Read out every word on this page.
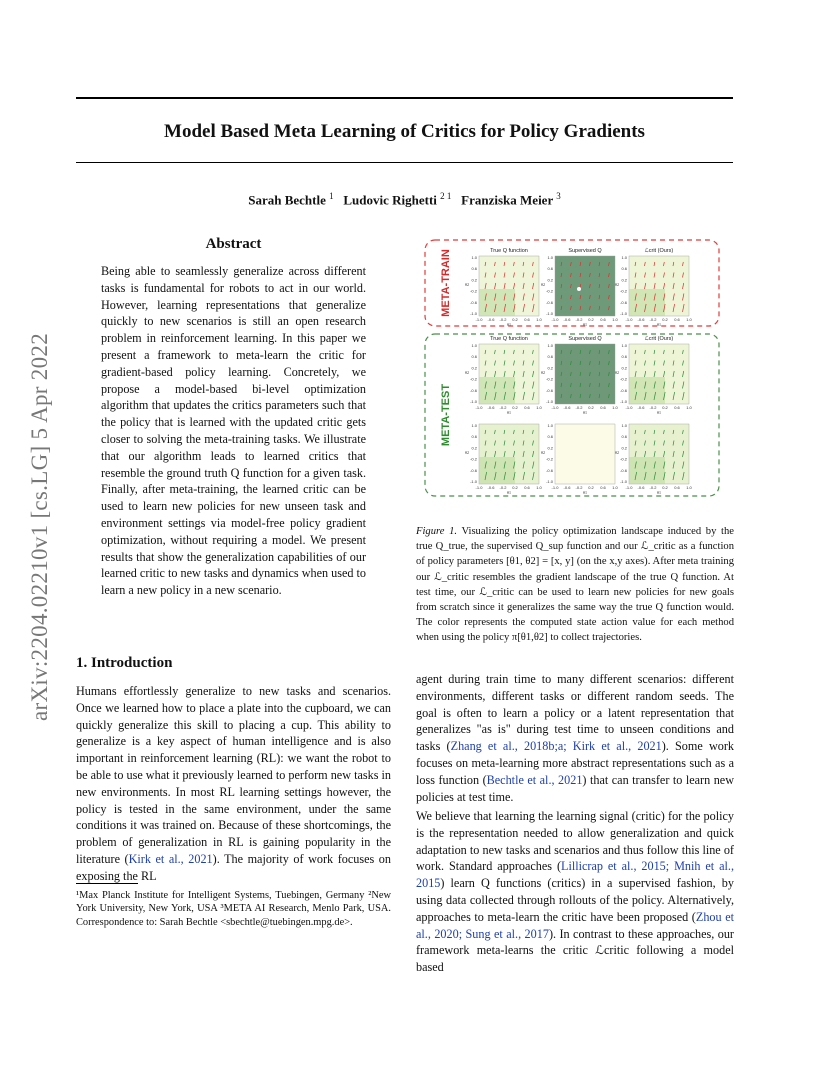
Model Based Meta Learning of Critics for Policy Gradients
Sarah Bechtle $^1$ Ludovic Righetti $^{2 1}$ Franziska Meier $^3$
arXiv:2204.02210v1 [cs.LG] 5 Apr 2022
Abstract

Being able to seamlessly generalize across different tasks is fundamental for robots to act in our world. However, learning representations that generalize quickly to new scenarios is still an open research problem in reinforcement learning. In this paper we present a framework to meta-learn the critic for gradient-based policy learning. Concretely, we propose a model-based bi-level optimization algorithm that updates the critics parameters such that the policy that is learned with the updated critic gets closer to solving the meta-training tasks. We illustrate that our algorithm leads to learned critics that resemble the ground truth Q function for a given task. Finally, after meta-training, the learned critic can be used to learn new policies for new unseen task and environment settings via model-free policy gradient optimization, without requiring a model. We present results that show the generalization capabilities of our learned critic to new tasks and dynamics when used to learn a new policy in a new scenario.

1. Introduction

Humans effortlessly generalize to new tasks and scenarios. Once we learned how to place a plate into the cupboard, we can quickly generalize this skill to placing a cup. This ability to generalize is a key aspect of human intelligence and is also important in reinforcement learning (RL): we want the robot to be able to use what it previously learned to perform new tasks in new environments. In most RL learning settings however, the policy is tested in the same environment, under the same conditions it was trained on. Because of these shortcomings, the problem of generalization in RL is gaining popularity in the literature (Kirk et al., 2021). The majority of work focuses on exposing the RL

¹Max Planck Institute for Intelligent Systems, Tuebingen, Germany ²New York University, New York, USA ³META AI Research, Menlo Park, USA. Correspondence to: Sarah Bechtle <sbechtle@tuebingen.mpg.de>.

META-TRAIN
META-TEST
True Q function
1.0
0.6
0.2
-0.2
-0.6
-1.0
-1.0 -0.6 -0.2 0.2 0.6 1.0
θ1
θ2
Supervised Q
1.0
0.6
0.2
-0.2
-0.6
-1.0
-1.0 -0.6 -0.2 0.2 0.6 1.0
θ1
θ2
ℒcrit (Ours)
1.0
0.6
0.2
-0.2
-0.6
-1.0
-1.0 -0.6 -0.2 0.2 0.6 1.0
θ1
θ2
True Q function
1.0
0.6
0.2
-0.2
-0.6
-1.0
-1.0 -0.6 -0.2 0.2 0.6 1.0
θ1
θ2
Supervised Q
1.0
0.6
0.2
-0.2
-0.6
-1.0
-1.0 -0.6 -0.2 0.2 0.6 1.0
θ1
θ2
ℒcrit (Ours)
1.0
0.6
0.2
-0.2
-0.6
-1.0
-1.0 -0.6 -0.2 0.2 0.6 1.0
θ1
θ2
1.0
0.6
0.2
-0.2
-0.6
-1.0
-1.0 -0.6 -0.2 0.2 0.6 1.0
θ1
θ2
1.0
0.6
0.2
-0.2
-0.6
-1.0
-1.0 -0.6 -0.2 0.2 0.6 1.0
θ1
θ2
1.0
0.6
0.2
-0.2
-0.6
-1.0
-1.0 -0.6 -0.2 0.2 0.6 1.0
θ1
θ2

Figure 1. Visualizing the policy optimization landscape induced by the true Q_true, the supervised Q_sup function and our ℒ_critic as a function of policy parameters [θ1, θ2] = [x, y] (on the x,y axes). After meta training our ℒ_critic resembles the gradient landscape of the true Q function. At test time, our ℒ_critic can be used to learn new policies for new goals from scratch since it generalizes the same way the true Q function would. The color represents the computed state action value for each method when using the policy π[θ1,θ2] to collect trajectories.

agent during train time to many different scenarios: different environments, different tasks or different random seeds. The goal is often to learn a policy or a latent representation that generalizes "as is" during test time to unseen conditions and tasks (Zhang et al., 2018b;a; Kirk et al., 2021). Some work focuses on meta-learning more abstract representations such as a loss function (Bechtle et al., 2021) that can transfer to learn new policies at test time.

We believe that learning the learning signal (critic) for the policy is the representation needed to allow generalization and quick adaptation to new tasks and scenarios and thus follow this line of work. Standard approaches (Lillicrap et al., 2015; Mnih et al., 2015) learn Q functions (critics) in a supervised fashion, by using data collected through rollouts of the policy. Alternatively, approaches to meta-learn the critic have been proposed (Zhou et al., 2020; Sung et al., 2017). In contrast to these approaches, our framework meta-learns the critic ℒcritic following a model based
